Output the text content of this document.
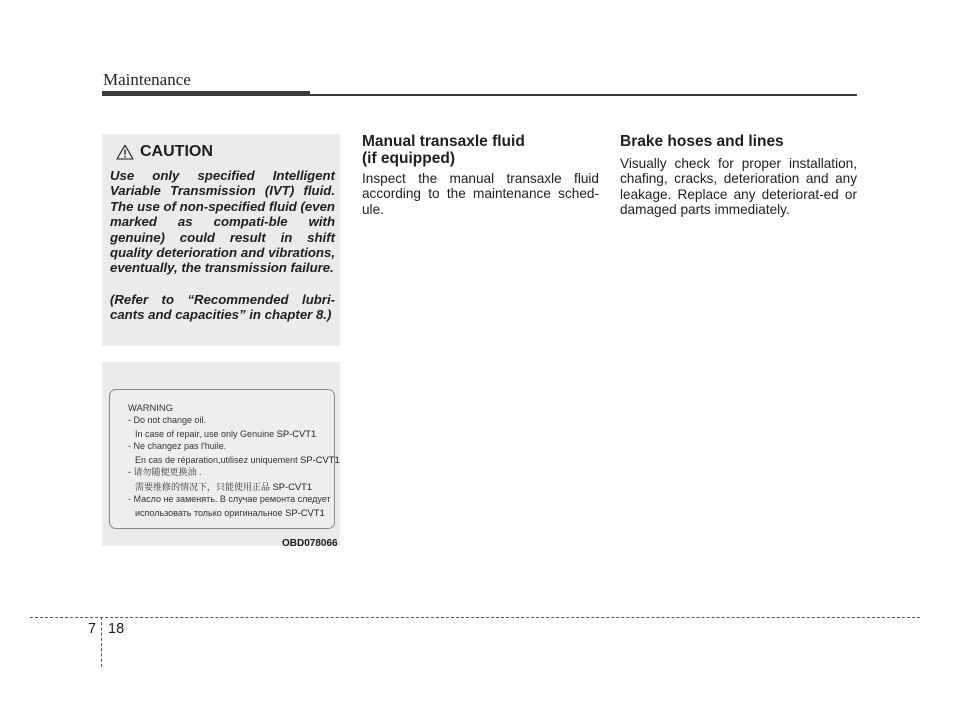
Maintenance
CAUTION

Use only specified Intelligent Variable Transmission (IVT) fluid. The use of non-specified fluid (even marked as compati-ble with genuine) could result in shift quality deterioration and vibrations, eventually, the transmission failure.

(Refer to “Recommended lubri-cants and capacities” in chapter 8.)

WARNING
- Do not change oil.
In case of repair, use only Genuine SP-CVT1
- Ne changez pas l'huile.
En cas de réparation,utilisez uniquement SP-CVT1
- 请勿随便更换油 .
需要维修的情况下，只能使用正品 SP-CVT1
- Масло не заменять. В случае ремонта следует
использовать только оригинальное SP-CVT1
OBD078066
Manual transaxle fluid
(if equipped)

Inspect the manual transaxle fluid according to the maintenance sched-ule.

Brake hoses and lines

Visually check for proper installation, chafing, cracks, deterioration and any leakage. Replace any deteriorat-ed or damaged parts immediately.

7 18
